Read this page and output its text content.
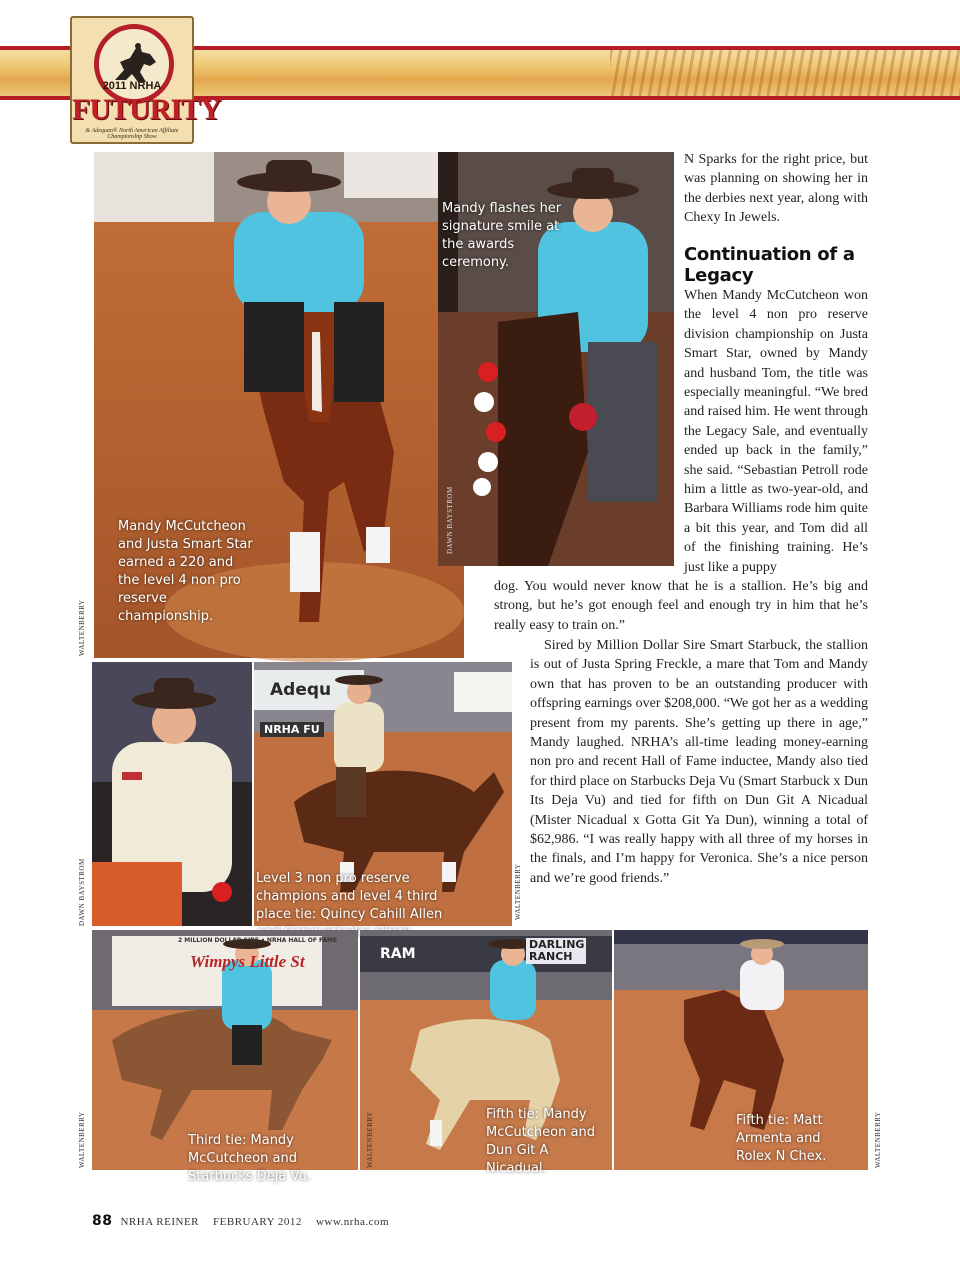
2011 NRHA
FUTURITY
& Adequan® North American Affiliate Championship Show
Mandy McCutcheon and Justa Smart Star earned a 220 and the level 4 non pro reserve championship.
WALTENBERRY
Mandy flashes her signature smile at the awards ceremony.
DAWN BAYSTROM
N Sparks for the right price, but was planning on showing her in the derbies next year, along with Chexy In Jewels.
Continuation of a Legacy
When Mandy McCutcheon won the level 4 non pro reserve division championship on Justa Smart Star, owned by Mandy and husband Tom, the title was especially meaningful. “We bred and raised him. He went through the Legacy Sale, and eventually ended up back in the family,” she said. “Sebastian Petroll rode him a little as two-year-old, and Barbara Williams rode him quite a bit this year, and Tom did all of the finishing training. He’s just like a puppy
dog. You would never know that he is a stallion. He’s big and strong, but he’s got enough feel and enough try in him that he’s really easy to train on.”
Sired by Million Dollar Sire Smart Starbuck, the stallion is out of Justa Spring Freckle, a mare that Tom and Mandy own that has proven to be an outstanding producer with offspring earnings over $208,000. “We got her as a wedding present from my parents. She’s getting up there in age,” Mandy laughed. NRHA’s all-time leading money-earning non pro and recent Hall of Fame inductee, Mandy also tied for third place on Starbucks Deja Vu (Smart Starbuck x Dun Its Deja Vu) and tied for fifth on Dun Git A Nicadual (Mister Nicadual x Gotta Git Ya Dun), winning a total of $62,986. “I was really happy with all three of my horses in the finals, and I’m happy for Veronica. She’s a nice person and we’re good friends.”
DAWN BAYSTROM
Adequ
NRHA FU
Level 3 non pro reserve champions and level 4 third place tie: Quincy Cahill Allen	WALTENBERRY
Wimpys Little St
2 MILLION DOLLAR SIRE • NRHA HALL OF FAME
Third tie: Mandy McCutcheon and Starbucks Deja Vu.
WALTENBERRY
RAM
DARLING RANCH
Fifth tie: Mandy McCutcheon and Dun Git A Nicadual.
WALTENBERRY	Fifth tie: Matt Armenta and Rolex N Chex.	WALTENBERRY
88 NRHA REINER FEBRUARY 2012 www.nrha.com
